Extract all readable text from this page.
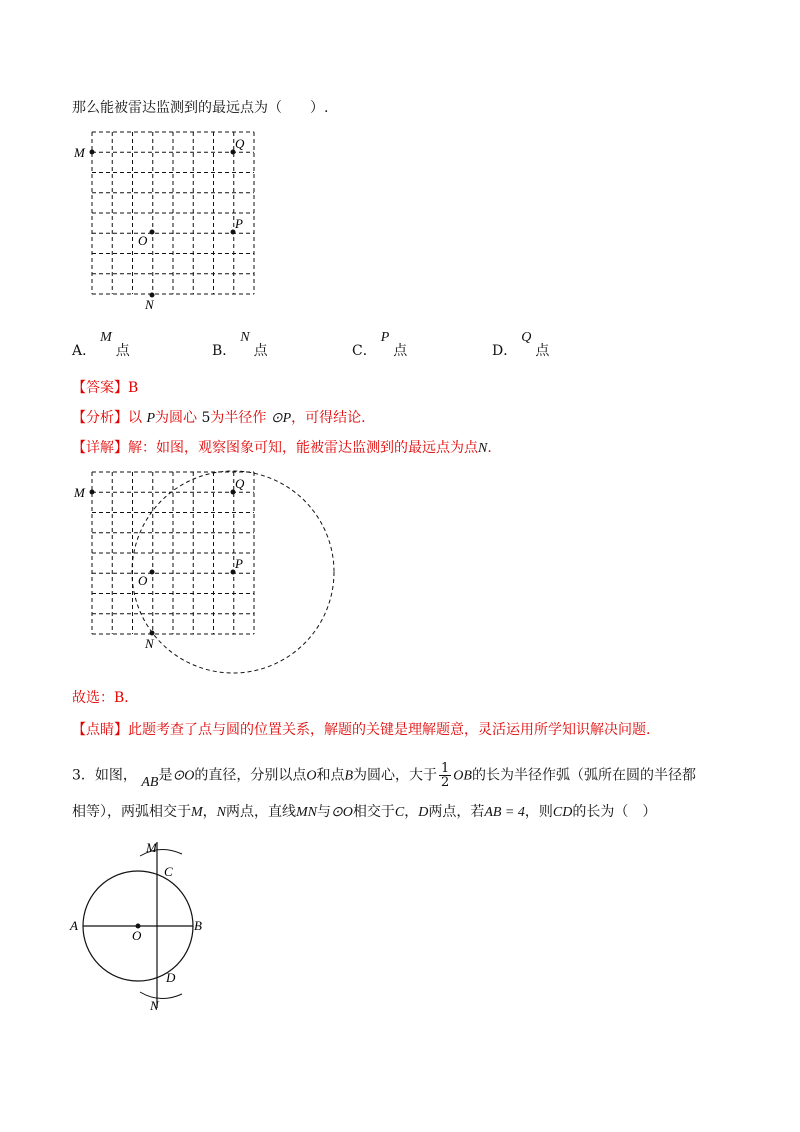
那么能被雷达监测到的最远点为（　　）.
M
Q
O
P
N
A．M点	B．N点	C．P点	D．Q点
【答案】B
【分析】以 P为圆心 5为半径作 ⊙P，可得结论.
【详解】解：如图，观察图象可知，能被雷达监测到的最远点为点N.
M
Q
O
P
N
故选：B．
【点睛】此题考查了点与圆的位置关系，解题的关键是理解题意，灵活运用所学知识解决问题.
3．如图， AB是⊙O的直径，分别以点O和点B为圆心，大于 $\frac{1}{2}$ OB的长为半径作弧（弧所在圆的半径都
相等），两弧相交于M，N两点，直线MN与⊙O相交于C，D两点，若AB = 4，则CD的长为（　）
M
C
A
O
B
D
N
